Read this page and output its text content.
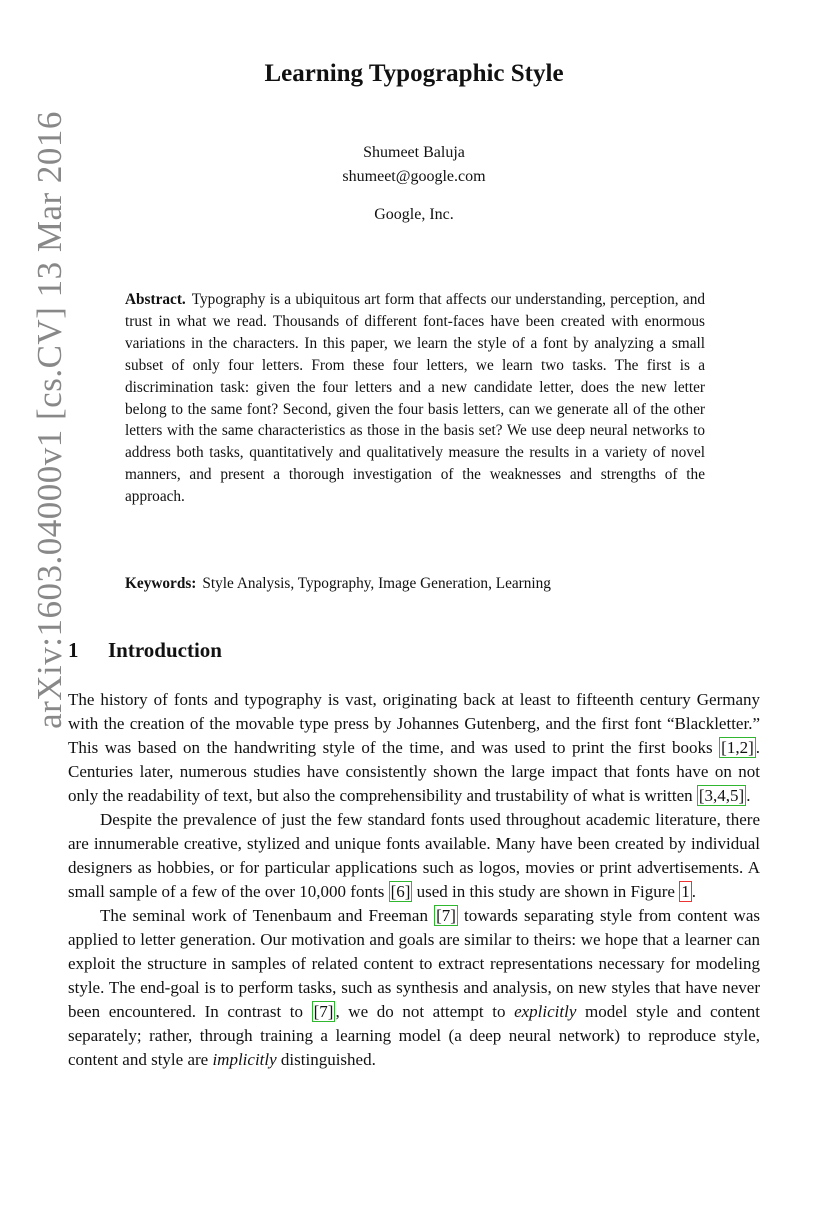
arXiv:1603.04000v1 [cs.CV] 13 Mar 2016
Learning Typographic Style
Shumeet Baluja
shumeet@google.com
Google, Inc.
Abstract. Typography is a ubiquitous art form that affects our understanding, perception, and trust in what we read. Thousands of different font-faces have been created with enormous variations in the characters. In this paper, we learn the style of a font by analyzing a small subset of only four letters. From these four letters, we learn two tasks. The first is a discrimination task: given the four letters and a new candidate letter, does the new letter belong to the same font? Second, given the four basis letters, can we generate all of the other letters with the same characteristics as those in the basis set? We use deep neural networks to address both tasks, quantitatively and qualitatively measure the results in a variety of novel manners, and present a thorough investigation of the weaknesses and strengths of the approach.
Keywords: Style Analysis, Typography, Image Generation, Learning
1 Introduction

The history of fonts and typography is vast, originating back at least to fifteenth century Germany with the creation of the movable type press by Johannes Gutenberg, and the first font “Blackletter.” This was based on the handwriting style of the time, and was used to print the first books [1,2] . Centuries later, numerous studies have consistently shown the large impact that fonts have on not only the readability of text, but also the comprehensibility and trustability of what is written [3,4,5] .

Despite the prevalence of just the few standard fonts used throughout academic literature, there are innumerable creative, stylized and unique fonts available. Many have been created by individual designers as hobbies, or for particular applications such as logos, movies or print advertisements. A small sample of a few of the over 10,000 fonts [6] used in this study are shown in Figure 1 .

The seminal work of Tenenbaum and Freeman [7] towards separating style from content was applied to letter generation. Our motivation and goals are similar to theirs: we hope that a learner can exploit the structure in samples of related content to extract representations necessary for modeling style. The end-goal is to perform tasks, such as synthesis and analysis, on new styles that have never been encountered. In contrast to [7] , we do not attempt to explicitly model style and content separately; rather, through training a learning model (a deep neural network) to reproduce style, content and style are implicitly distinguished.
